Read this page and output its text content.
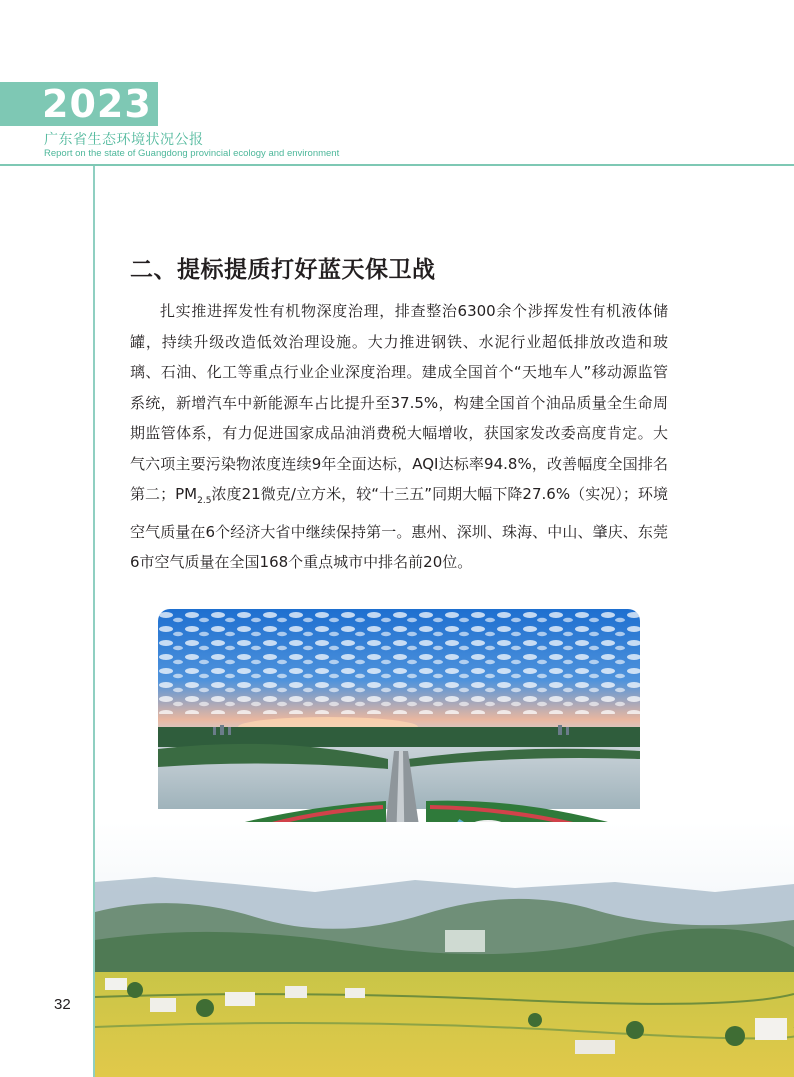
2023
广东省生态环境状况公报
Report on the state of Guangdong provincial ecology and environment
二、提标提质打好蓝天保卫战

扎实推进挥发性有机物深度治理，排查整治6300余个涉挥发性有机液体储罐，持续升级改造低效治理设施。大力推进钢铁、水泥行业超低排放改造和玻璃、石油、化工等重点行业企业深度治理。建成全国首个“天地车人”移动源监管系统，新增汽车中新能源车占比提升至37.5%，构建全国首个油品质量全生命周期监管体系，有力促进国家成品油消费税大幅增收，获国家发改委高度肯定。大气六项主要污染物浓度连续9年全面达标，AQI达标率94.8%，改善幅度全国排名第二；$PM_{2.5}$浓度21微克/立方米，较“十三五”同期大幅下降27.6%（实况）；环境空气质量在6个经济大省中继续保持第一。惠州、深圳、珠海、中山、肇庆、东莞6市空气质量在全国168个重点城市中排名前20位。

32
